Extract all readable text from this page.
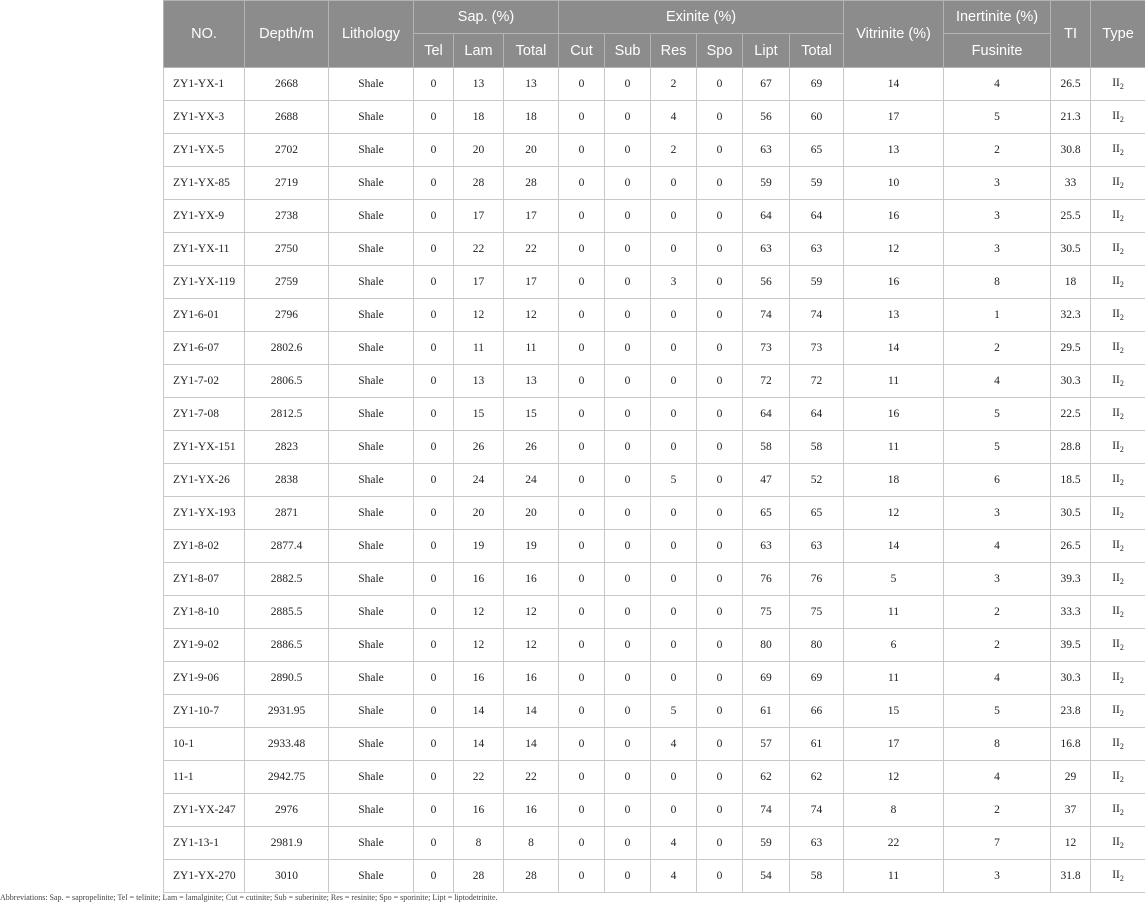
NO.	Depth/m	Lithology	Sap. (%)			Exinite (%)						Vitrinite (%)	Inertinite (%)	TI	Type
			Tel	Lam	Total	Cut	Sub	Res	Spo	Lipt	Total		Fusinite		
ZY1-YX-1	2668	Shale	0	13	13	0	0	2	0	67	69	14	4	26.5	$II_2$
ZY1-YX-3	2688	Shale	0	18	18	0	0	4	0	56	60	17	5	21.3	$II_2$
ZY1-YX-5	2702	Shale	0	20	20	0	0	2	0	63	65	13	2	30.8	$II_2$
ZY1-YX-85	2719	Shale	0	28	28	0	0	0	0	59	59	10	3	33	$II_2$
ZY1-YX-9	2738	Shale	0	17	17	0	0	0	0	64	64	16	3	25.5	$II_2$
ZY1-YX-11	2750	Shale	0	22	22	0	0	0	0	63	63	12	3	30.5	$II_2$
ZY1-YX-119	2759	Shale	0	17	17	0	0	3	0	56	59	16	8	18	$II_2$
ZY1-6-01	2796	Shale	0	12	12	0	0	0	0	74	74	13	1	32.3	$II_2$
ZY1-6-07	2802.6	Shale	0	11	11	0	0	0	0	73	73	14	2	29.5	$II_2$
ZY1-7-02	2806.5	Shale	0	13	13	0	0	0	0	72	72	11	4	30.3	$II_2$
ZY1-7-08	2812.5	Shale	0	15	15	0	0	0	0	64	64	16	5	22.5	$II_2$
ZY1-YX-151	2823	Shale	0	26	26	0	0	0	0	58	58	11	5	28.8	$II_2$
ZY1-YX-26	2838	Shale	0	24	24	0	0	5	0	47	52	18	6	18.5	$II_2$
ZY1-YX-193	2871	Shale	0	20	20	0	0	0	0	65	65	12	3	30.5	$II_2$
ZY1-8-02	2877.4	Shale	0	19	19	0	0	0	0	63	63	14	4	26.5	$II_2$
ZY1-8-07	2882.5	Shale	0	16	16	0	0	0	0	76	76	5	3	39.3	$II_2$
ZY1-8-10	2885.5	Shale	0	12	12	0	0	0	0	75	75	11	2	33.3	$II_2$
ZY1-9-02	2886.5	Shale	0	12	12	0	0	0	0	80	80	6	2	39.5	$II_2$
ZY1-9-06	2890.5	Shale	0	16	16	0	0	0	0	69	69	11	4	30.3	$II_2$
ZY1-10-7	2931.95	Shale	0	14	14	0	0	5	0	61	66	15	5	23.8	$II_2$
10-1	2933.48	Shale	0	14	14	0	0	4	0	57	61	17	8	16.8	$II_2$
11-1	2942.75	Shale	0	22	22	0	0	0	0	62	62	12	4	29	$II_2$
ZY1-YX-247	2976	Shale	0	16	16	0	0	0	0	74	74	8	2	37	$II_2$
ZY1-13-1	2981.9	Shale	0	8	8	0	0	4	0	59	63	22	7	12	$II_2$
ZY1-YX-270	3010	Shale	0	28	28	0	0	4	0	54	58	11	3	31.8	$II_2$
Abbreviations: Sap. = sapropelinite; Tel = telinite; Lam = lamalginite; Cut = cutinite; Sub = suberinite; Res = resinite; Spo = sporinite; Lipt = liptodetrinite.
